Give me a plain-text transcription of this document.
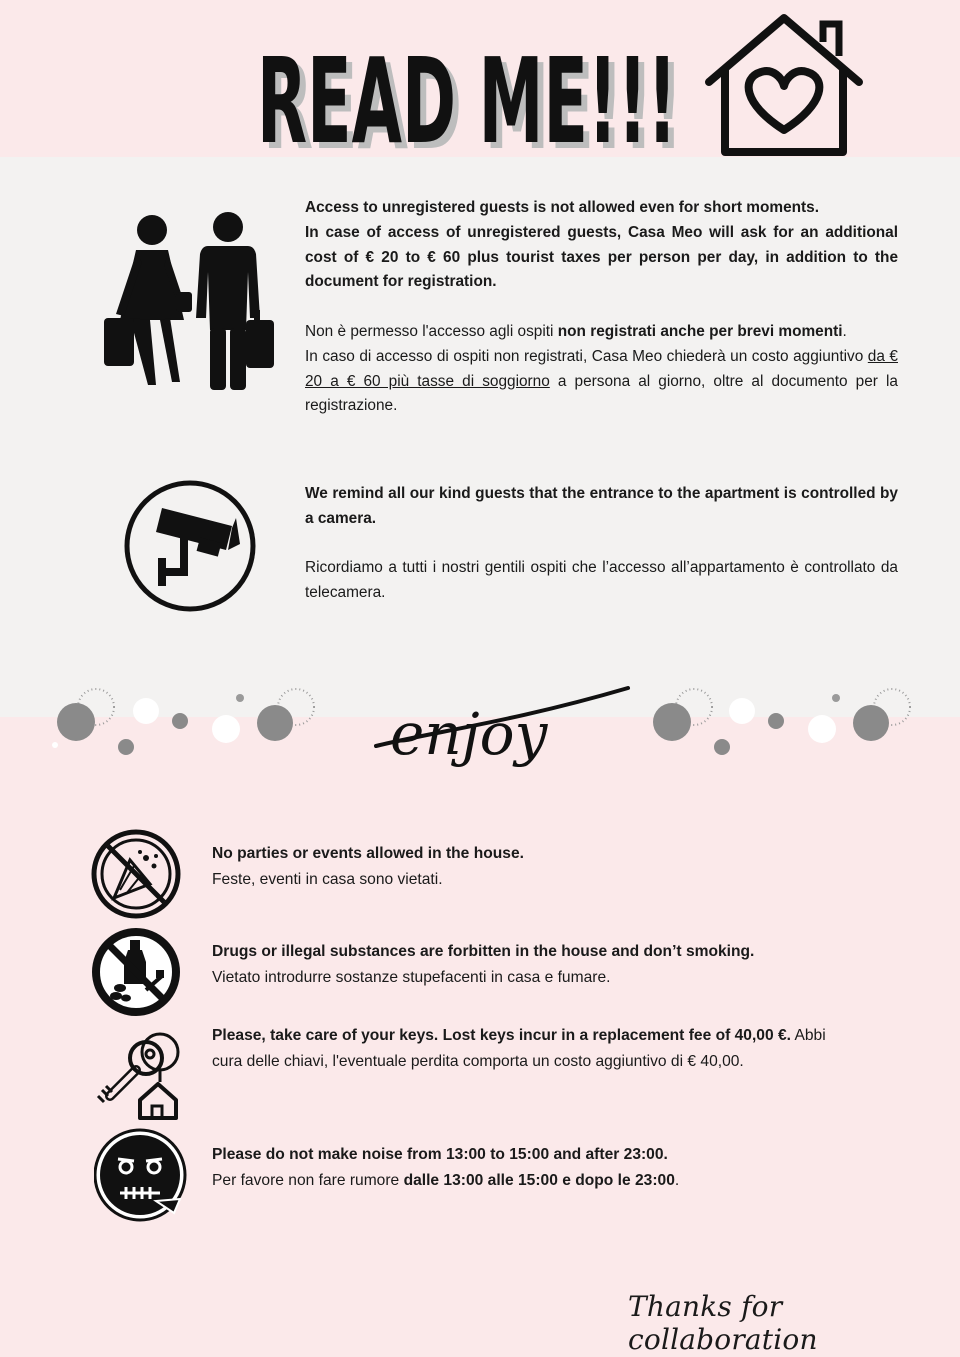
READ ME!!!
READ ME!!!

Access to unregistered guests is not allowed even for short moments.
In case of access of unregistered guests, Casa Meo will ask for an additional cost of € 20 to € 60 plus tourist taxes per person per day, in addition to the document for registration.
Non è permesso l'accesso agli ospiti non registrati anche per brevi momenti.
In caso di accesso di ospiti non registrati, Casa Meo chiederà un costo aggiuntivo da € 20 a € 60 più tasse di soggiorno a persona al giorno, oltre al documento per la registrazione.

We remind all our kind guests that the entrance to the apartment is controlled by a camera.
Ricordiamo a tutti i nostri gentili ospiti che l’accesso all’appartamento è controllato da telecamera.

enjoy

No parties or events allowed in the house.
Feste, eventi in casa sono vietati.

Drugs or illegal substances are forbitten in the house and don’t smoking.
Vietato introdurre sostanze stupefacenti in casa e fumare.

Please, take care of your keys. Lost keys incur in a replacement fee of 40,00 €. Abbi
cura delle chiavi, l'eventuale perdita comporta un costo aggiuntivo di € 40,00.

Please do not make noise from 13:00 to 15:00 and after 23:00.
Per favore non fare rumore dalle 13:00 alle 15:00 e dopo le 23:00.

Thanks for collaboration
